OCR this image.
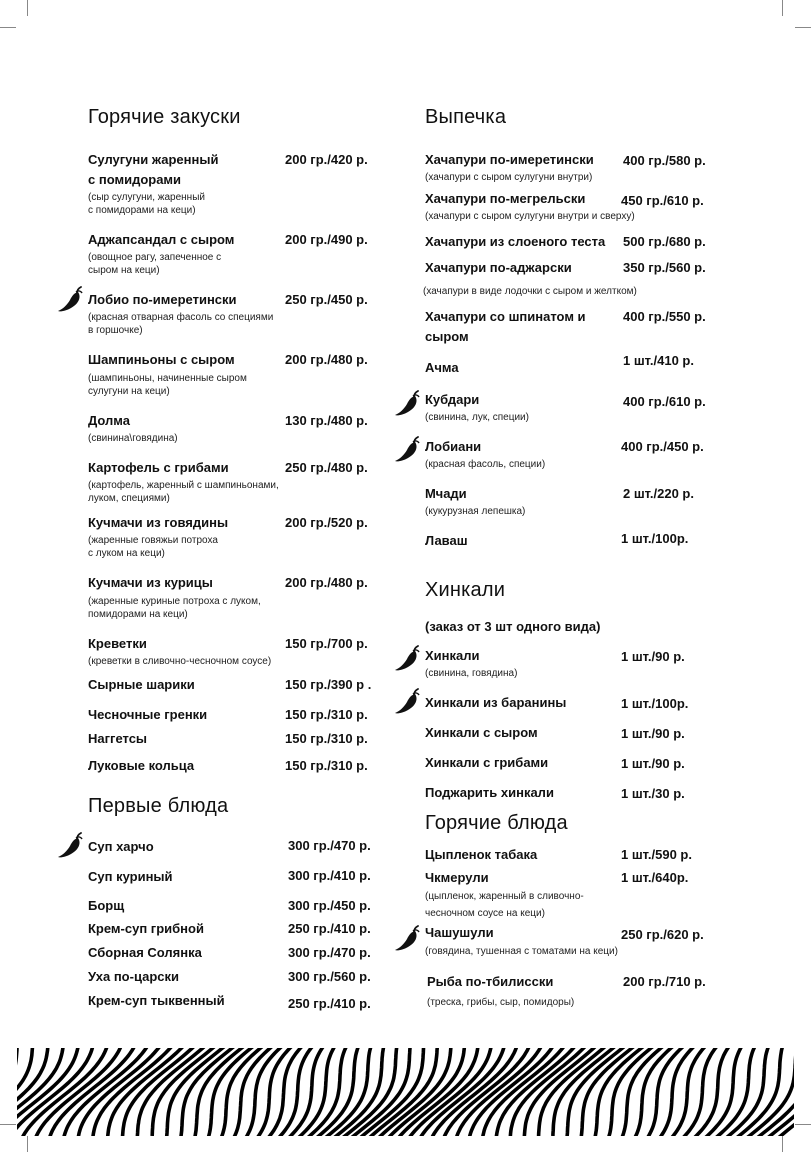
Горячие закуски
Сулугуни жаренный
с помидорами
200 гр./420 р.
(сыр сулугуни, жаренный
с помидорами на кеци)
Аджапсандал с сыром	200 гр./490 р.
(овощное рагу, запеченное с
сыром на кеци)
Лобио по-имеретински	250 гр./450 р.
(красная отварная фасоль со специями
в горшочке)
Шампиньоны с сыром	200 гр./480 р.
(шампиньоны, начиненные сыром
сулугуни на кеци)
Долма	130 гр./480 р.
(свинина\говядина)
Картофель с грибами	250 гр./480 р.
(картофель, жаренный с шампиньонами,
луком, специями)
Кучмачи из говядины	200 гр./520 р.
(жаренные говяжьи потроха
с луком на кеци)
Кучмачи из курицы	200 гр./480 р.
(жаренные куриные потроха с луком,
помидорами на кеци)
Креветки	150 гр./700 р.
(креветки в сливочно-чесночном соусе)
Сырные шарики	150 гр./390 р .
Чесночные гренки	150 гр./310 р.
Наггетсы	150 гр./310 р.
Луковые кольца	150 гр./310 р.
Первые блюда
Суп харчо	300 гр./470 р.
Суп куриный	300 гр./410 р.
Борщ	300 гр./450 р.
Крем-суп грибной	250 гр./410 р.
Сборная Солянка	300 гр./470 р.
Уха по-царски	300 гр./560 р.
Крем-суп тыквенный	250 гр./410 р.
Выпечка
Хачапури по-имеретински 400 гр./580 р.
(хачапури с сыром сулугуни внутри)
Хачапури по-мегрельски	450 гр./610 р.
(хачапури с сыром сулугуни внутри и сверху)
Хачапури из слоеного теста 500 гр./680 р.
Хачапури по-аджарски	350 гр./560 р.
(хачапури в виде лодочки с сыром и желтком)
Хачапури со шпинатом и
сыром
400 гр./550 р.
Ачма	1 шт./410 р.
Кубдари	400 гр./610 р.
(свинина, лук, специи)
Лобиани	400 гр./450 р.
(красная фасоль, специи)
Мчади	2 шт./220 р.
(кукурузная лепешка)
Лаваш	1 шт./100р.
Хинкали
(заказ от 3 шт одного вида)
Хинкали	1 шт./90 р.
(свинина, говядина)
Хинкали из баранины	1 шт./100р.
Хинкали с сыром	1 шт./90 р.
Хинкали с грибами	1 шт./90 р.
Поджарить хинкали	1 шт./30 р.
Горячие блюда
Цыпленок табака	1 шт./590 р.
Чкмерули	1 шт./640р.
(цыпленок, жаренный в сливочно-
чесночном соусе на кеци)
Чашушули	250 гр./620 р.
(говядина, тушенная с томатами на кеци)
Рыба по-тбилисски	200 гр./710 р.
(треска, грибы, сыр, помидоры)
